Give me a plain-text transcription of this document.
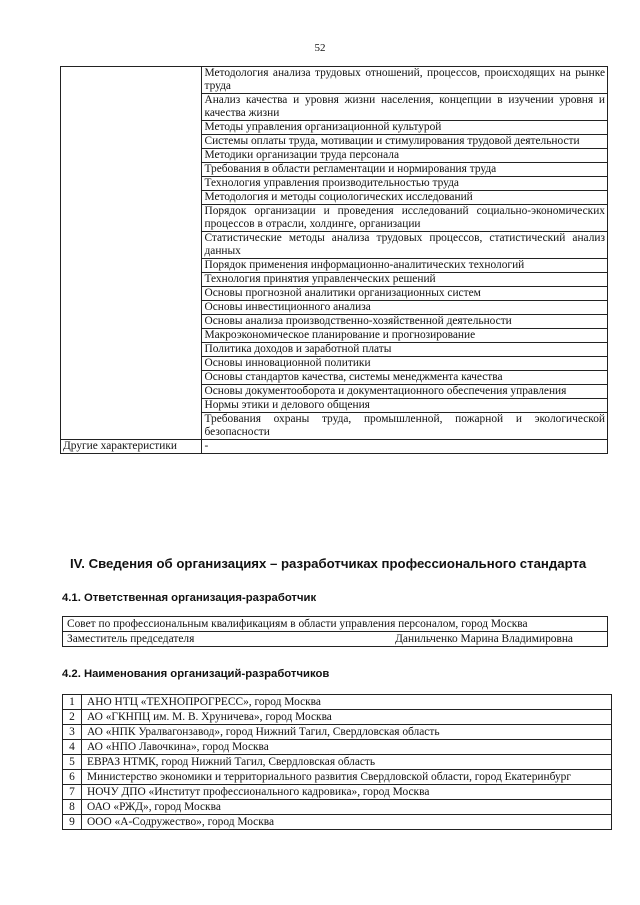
52
	Методология анализа трудовых отношений, процессов, происходящих на рынке труда
	Анализ качества и уровня жизни населения, концепции в изучении уровня и качества жизни
	Методы управления организационной культурой
	Системы оплаты труда, мотивации и стимулирования трудовой деятельности
	Методики организации труда персонала
	Требования в области регламентации и нормирования труда
	Технология управления производительностью труда
	Методология и методы социологических исследований
	Порядок организации и проведения исследований социально-экономических процессов в отрасли, холдинге, организации
	Статистические методы анализа трудовых процессов, статистический анализ данных
	Порядок применения информационно-аналитических технологий
	Технология принятия управленческих решений
	Основы прогнозной аналитики организационных систем
	Основы инвестиционного анализа
	Основы анализа производственно-хозяйственной деятельности
	Макроэкономическое планирование и прогнозирование
	Политика доходов и заработной платы
	Основы инновационной политики
	Основы стандартов качества, системы менеджмента качества
	Основы документооборота и документационного обеспечения управления
	Нормы этики и делового общения
	Требования охраны труда, промышленной, пожарной и экологической безопасности
Другие характеристики	-
IV. Сведения об организациях – разработчиках профессионального стандарта
4.1. Ответственная организация-разработчик
Совет по профессиональным квалификациям в области управления персоналом, город Москва

Заместитель председателя	Данильченко Марина Владимировна
4.2. Наименования организаций-разработчиков
1	АНО НТЦ «ТЕХНОПРОГРЕСС», город Москва
2	АО «ГКНПЦ им. М. В. Хруничева», город Москва
3	АО «НПК Уралвагонзавод», город Нижний Тагил, Свердловская область
4	АО «НПО Лавочкина», город Москва
5	ЕВРАЗ НТМК, город Нижний Тагил, Свердловская область
6	Министерство экономики и территориального развития Свердловской области, город Екатеринбург
7	НОЧУ ДПО «Институт профессионального кадровика», город Москва
8	ОАО «РЖД», город Москва
9	ООО «А-Содружество», город Москва
